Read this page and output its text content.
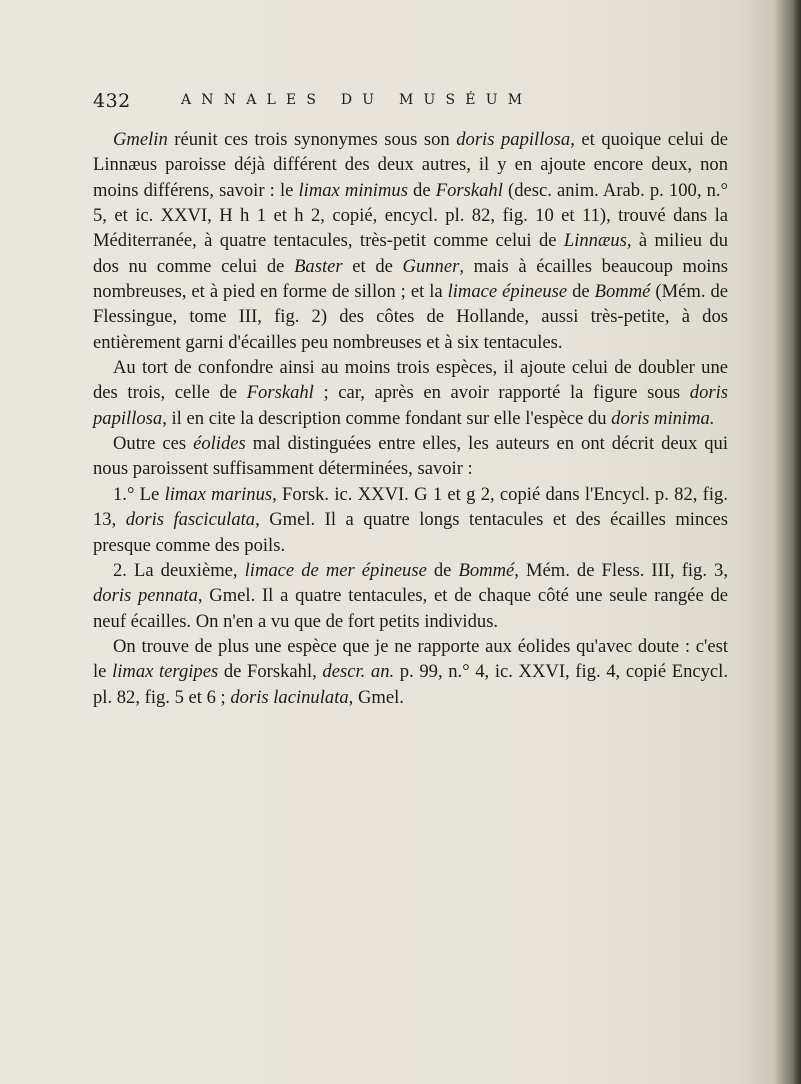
432	ANNALES DU MUSÉUM

Gmelin réunit ces trois synonymes sous son doris papillosa, et quoique celui de Linnæus paroisse déjà différent des deux autres, il y en ajoute encore deux, non moins différens, savoir : le limax minimus de Forskahl (desc. anim. Arab. p. 100, n.° 5, et ic. XXVI, H h 1 et h 2, copié, encycl. pl. 82, fig. 10 et 11), trouvé dans la Méditerranée, à quatre tentacules, très-petit comme celui de Linnæus, à milieu du dos nu comme celui de Baster et de Gunner, mais à écailles beaucoup moins nombreuses, et à pied en forme de sillon ; et la limace épineuse de Bommé (Mém. de Flessingue, tome III, fig. 2) des côtes de Hollande, aussi très-petite, à dos entièrement garni d'écailles peu nombreuses et à six tentacules.

Au tort de confondre ainsi au moins trois espèces, il ajoute celui de doubler une des trois, celle de Forskahl ; car, après en avoir rapporté la figure sous doris papillosa, il en cite la description comme fondant sur elle l'espèce du doris minima.

Outre ces éolides mal distinguées entre elles, les auteurs en ont décrit deux qui nous paroissent suffisamment déterminées, savoir :

1.° Le limax marinus, Forsk. ic. XXVI. G 1 et g 2, copié dans l'Encycl. p. 82, fig. 13, doris fasciculata, Gmel. Il a quatre longs tentacules et des écailles minces presque comme des poils.

2. La deuxième, limace de mer épineuse de Bommé, Mém. de Fless. III, fig. 3, doris pennata, Gmel. Il a quatre tentacules, et de chaque côté une seule rangée de neuf écailles. On n'en a vu que de fort petits individus.

On trouve de plus une espèce que je ne rapporte aux éolides qu'avec doute : c'est le limax tergipes de Forskahl, descr. an. p. 99, n.° 4, ic. XXVI, fig. 4, copié Encycl. pl. 82, fig. 5 et 6 ; doris lacinulata, Gmel.
